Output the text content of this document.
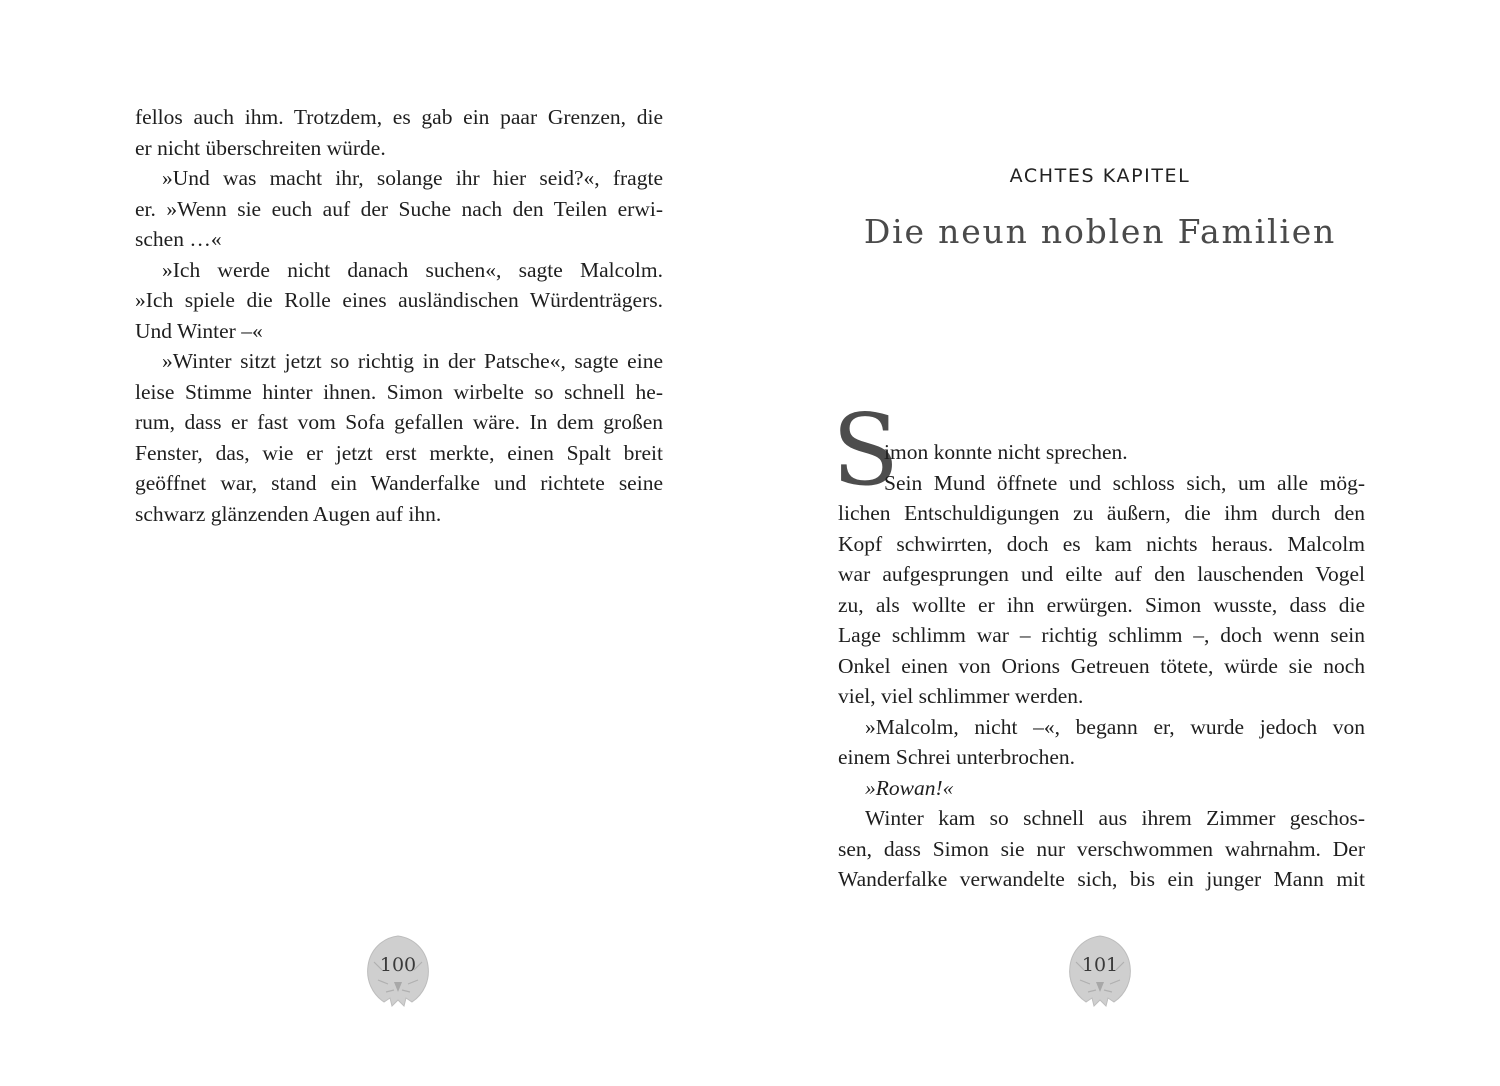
fellos auch ihm. Trotzdem, es gab ein paar Grenzen, die
er nicht überschreiten würde.
»Und was macht ihr, solange ihr hier seid?«, fragte
er. »Wenn sie euch auf der Suche nach den Teilen erwi-
schen …«
»Ich werde nicht danach suchen«, sagte Malcolm.
»Ich spiele die Rolle eines ausländischen Würdenträgers.
Und Winter –«
»Winter sitzt jetzt so richtig in der Patsche«, sagte eine
leise Stimme hinter ihnen. Simon wirbelte so schnell he-
rum, dass er fast vom Sofa gefallen wäre. In dem großen
Fenster, das, wie er jetzt erst merkte, einen Spalt breit
geöffnet war, stand ein Wanderfalke und richtete seine
schwarz glänzenden Augen auf ihn.
100
ACHTES KAPITEL
Die neun noblen Familien
S
imon konnte nicht sprechen.
Sein Mund öffnete und schloss sich, um alle mög-
lichen Entschuldigungen zu äußern, die ihm durch den
Kopf schwirrten, doch es kam nichts heraus. Malcolm
war aufgesprungen und eilte auf den lauschenden Vogel
zu, als wollte er ihn erwürgen. Simon wusste, dass die
Lage schlimm war – richtig schlimm –, doch wenn sein
Onkel einen von Orions Getreuen tötete, würde sie noch
viel, viel schlimmer werden.
»Malcolm, nicht –«, begann er, wurde jedoch von
einem Schrei unterbrochen.
»Rowan!«
Winter kam so schnell aus ihrem Zimmer geschos-
sen, dass Simon sie nur verschwommen wahrnahm. Der
Wanderfalke verwandelte sich, bis ein junger Mann mit
101
